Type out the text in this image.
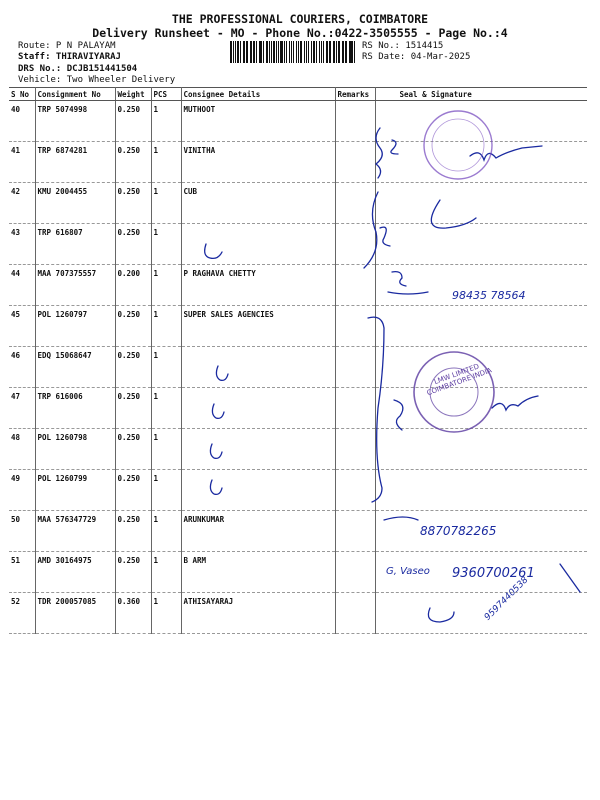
THE PROFESSIONAL COURIERS, COIMBATORE
Delivery Runsheet - MO - Phone No.:0422-3505555 - Page No.:4
Route: P N PALAYAM
Staff: THIRAVIYARAJ
DRS No.: DCJB151441504
Vehicle: Two Wheeler Delivery
RS No.: 1514415
RS Date: 04-Mar-2025
S No	Consignment No	Weight	PCS	Consignee Details	Remarks	Seal & Signature
40	TRP 5074998	0.250	1	MUTHOOT		
41	TRP 6874281	0.250	1	VINITHA		
42	KMU 2004455	0.250	1	CUB		
43	TRP 616807	0.250	1			
44	MAA 707375557	0.200	1	P RAGHAVA CHETTY		
45	POL 1260797	0.250	1	SUPER SALES AGENCIES		
46	EDQ 15068647	0.250	1			
47	TRP 616006	0.250	1			
48	POL 1260798	0.250	1			
49	POL 1260799	0.250	1			
50	MAA 576347729	0.250	1	ARUNKUMAR		
51	AMD 30164975	0.250	1	B ARM		
52	TDR 200057085	0.360	1	ATHISAYARAJ		
LMW LIMITED COIMBATORE INDIA
98435 78564
8870782265
G, Vaseo 9360700261
9597440538
